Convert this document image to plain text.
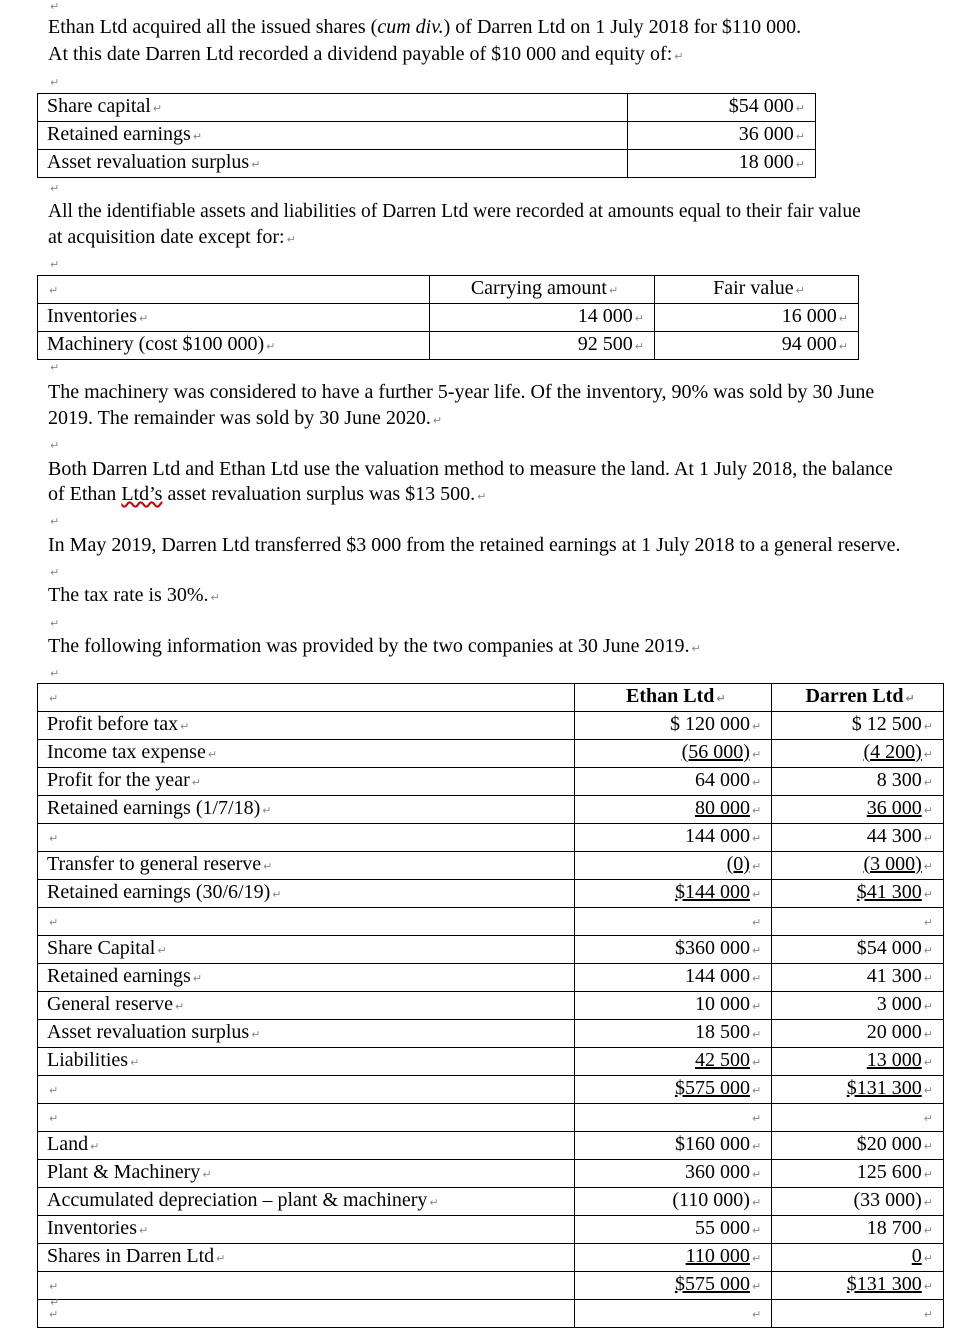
↵
Ethan Ltd acquired all the issued shares (cum div.) of Darren Ltd on 1 July 2018 for $110 000.
At this date Darren Ltd recorded a dividend payable of $10 000 and equity of: ↵
↵
Share capital ↵	$54 000 ↵
Retained earnings ↵	36 000 ↵
Asset revaluation surplus ↵	18 000 ↵
↵
All the identifiable assets and liabilities of Darren Ltd were recorded at amounts equal to their fair value
at acquisition date except for: ↵
↵
↵	Carrying amount ↵	Fair value ↵
Inventories ↵	14 000 ↵	16 000 ↵
Machinery (cost $100 000) ↵	92 500 ↵	94 000 ↵
↵
The machinery was considered to have a further 5-year life. Of the inventory, 90% was sold by 30 June
2019. The remainder was sold by 30 June 2020. ↵
↵
Both Darren Ltd and Ethan Ltd use the valuation method to measure the land. At 1 July 2018, the balance
of Ethan Ltd’s asset revaluation surplus was $13 500. ↵
↵
In May 2019, Darren Ltd transferred $3 000 from the retained earnings at 1 July 2018 to a general reserve.
↵
The tax rate is 30%. ↵
↵
The following information was provided by the two companies at 30 June 2019. ↵
↵
↵	Ethan Ltd ↵	Darren Ltd ↵
Profit before tax ↵	$ 120 000 ↵	$ 12 500 ↵
Income tax expense ↵	(56 000) ↵	(4 200) ↵
Profit for the year ↵	64 000 ↵	8 300 ↵
Retained earnings (1/7/18) ↵	80 000 ↵	36 000 ↵
↵	144 000 ↵	44 300 ↵
Transfer to general reserve ↵	(0) ↵	(3 000) ↵
Retained earnings (30/6/19) ↵	$144 000 ↵	$41 300 ↵
↵	↵	↵
Share Capital ↵	$360 000 ↵	$54 000 ↵
Retained earnings ↵	144 000 ↵	41 300 ↵
General reserve ↵	10 000 ↵	3 000 ↵
Asset revaluation surplus ↵	18 500 ↵	20 000 ↵
Liabilities ↵	42 500 ↵	13 000 ↵
↵	$575 000 ↵	$131 300 ↵
↵	↵	↵
Land ↵	$160 000 ↵	$20 000 ↵
Plant & Machinery ↵	360 000 ↵	125 600 ↵
Accumulated depreciation – plant & machinery ↵	(110 000) ↵	(33 000) ↵
Inventories ↵	55 000 ↵	18 700 ↵
Shares in Darren Ltd ↵	110 000 ↵	0 ↵
↵	$575 000 ↵	$131 300 ↵
↵	↵	↵
↵
